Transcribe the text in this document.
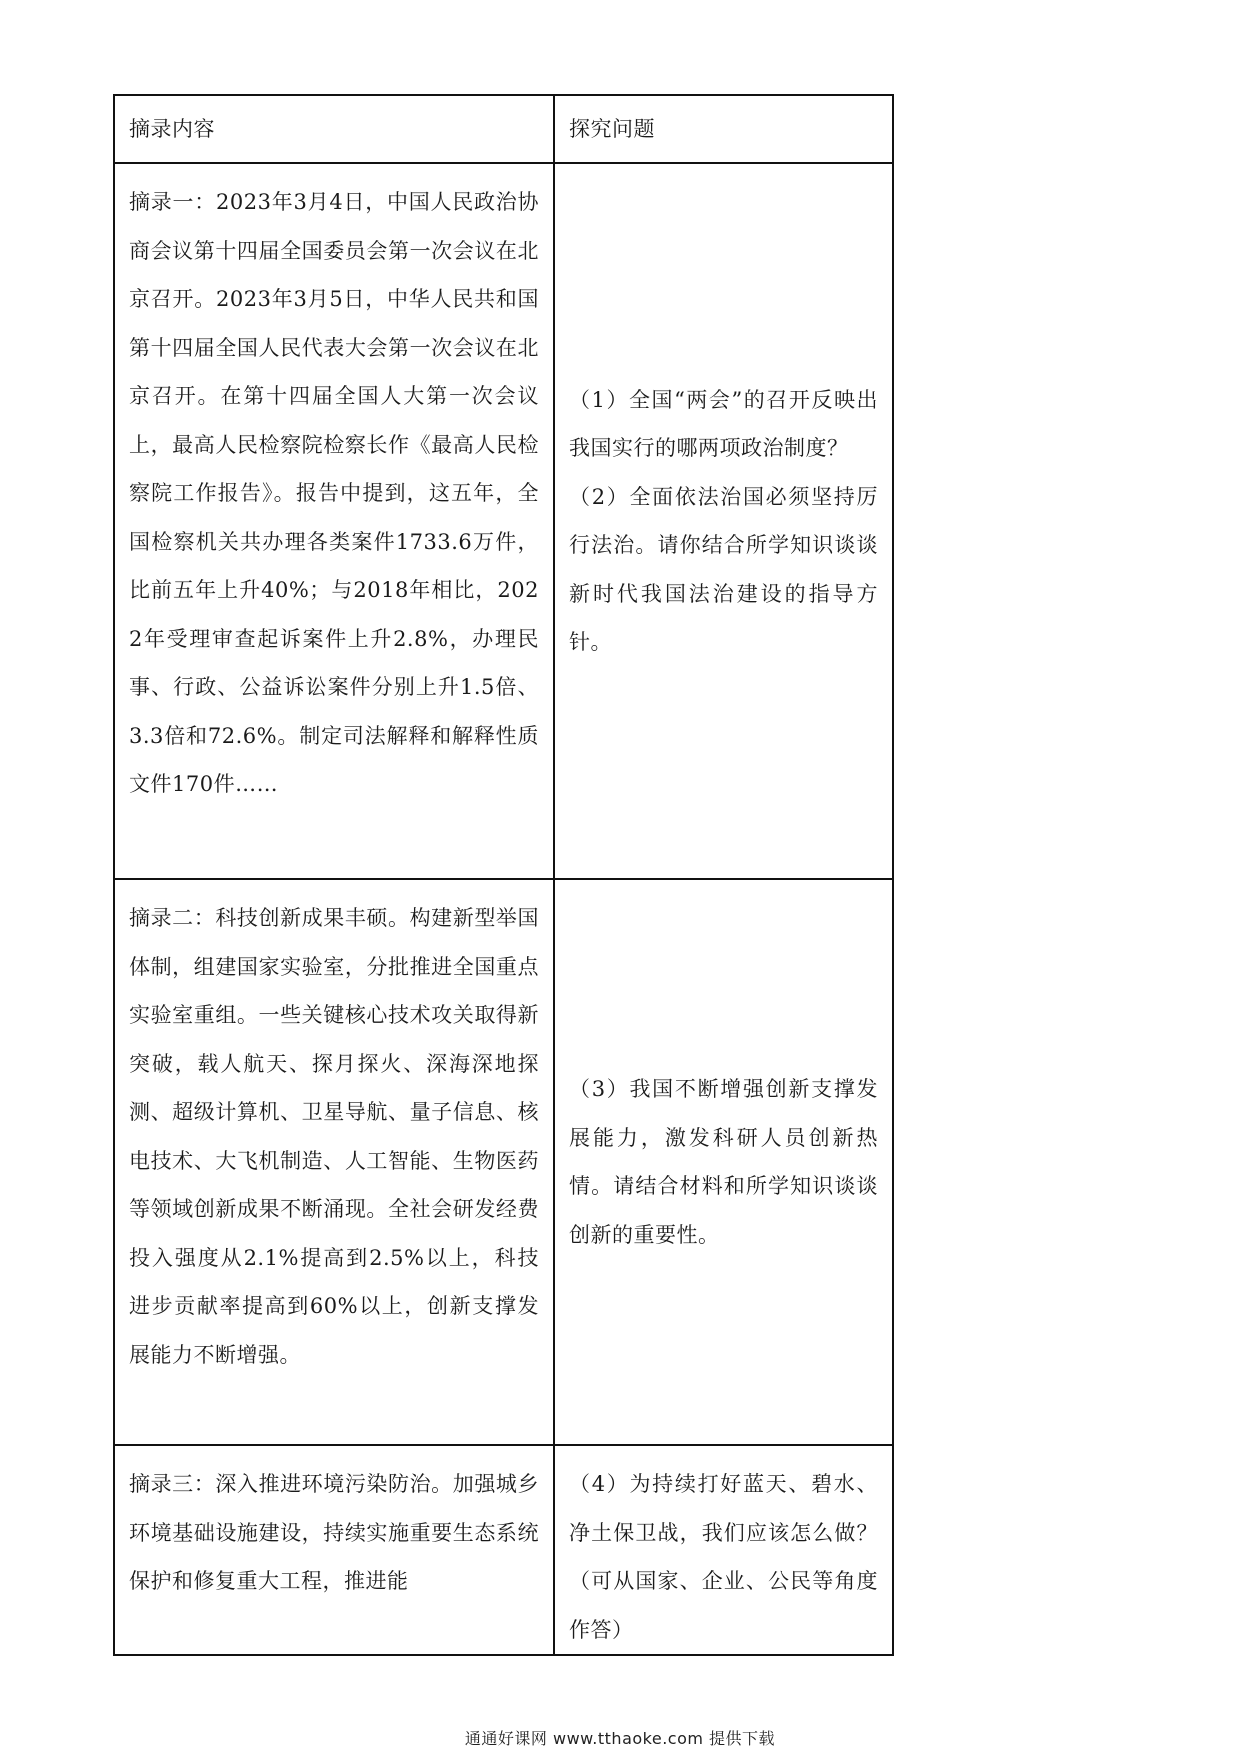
摘录内容	探究问题

摘录一：2023年3月4日，中国人民政治协商会议第十四届全国委员会第一次会议在北京召开。2023年3月5日，中华人民共和国第十四届全国人民代表大会第一次会议在北京召开。在第十四届全国人大第一次会议上，最高人民检察院检察长作《最高人民检察院工作报告》。报告中提到，这五年，全国检察机关共办理各类案件1733.6万件，比前五年上升40%；与2018年相比，2022年受理审查起诉案件上升2.8%，办理民事、行政、公益诉讼案件分别上升1.5倍、3.3倍和72.6%。制定司法解释和解释性质文件170件……	（1）全国“两会”的召开反映出我国实行的哪两项政治制度？
（2）全面依法治国必须坚持厉行法治。请你结合所学知识谈谈新时代我国法治建设的指导方针。

摘录二：科技创新成果丰硕。构建新型举国体制，组建国家实验室，分批推进全国重点实验室重组。一些关键核心技术攻关取得新突破，载人航天、探月探火、深海深地探测、超级计算机、卫星导航、量子信息、核电技术、大飞机制造、人工智能、生物医药等领域创新成果不断涌现。全社会研发经费投入强度从2.1%提高到2.5%以上，科技进步贡献率提高到60%以上，创新支撑发展能力不断增强。	（3）我国不断增强创新支撑发展能力，激发科研人员创新热情。请结合材料和所学知识谈谈创新的重要性。

摘录三：深入推进环境污染防治。加强城乡环境基础设施建设，持续实施重要生态系统保护和修复重大工程，推进能	（4）为持续打好蓝天、碧水、净土保卫战，我们应该怎么做？（可从国家、企业、公民等角度作答）
通通好课网 www.tthaoke.com 提供下载
